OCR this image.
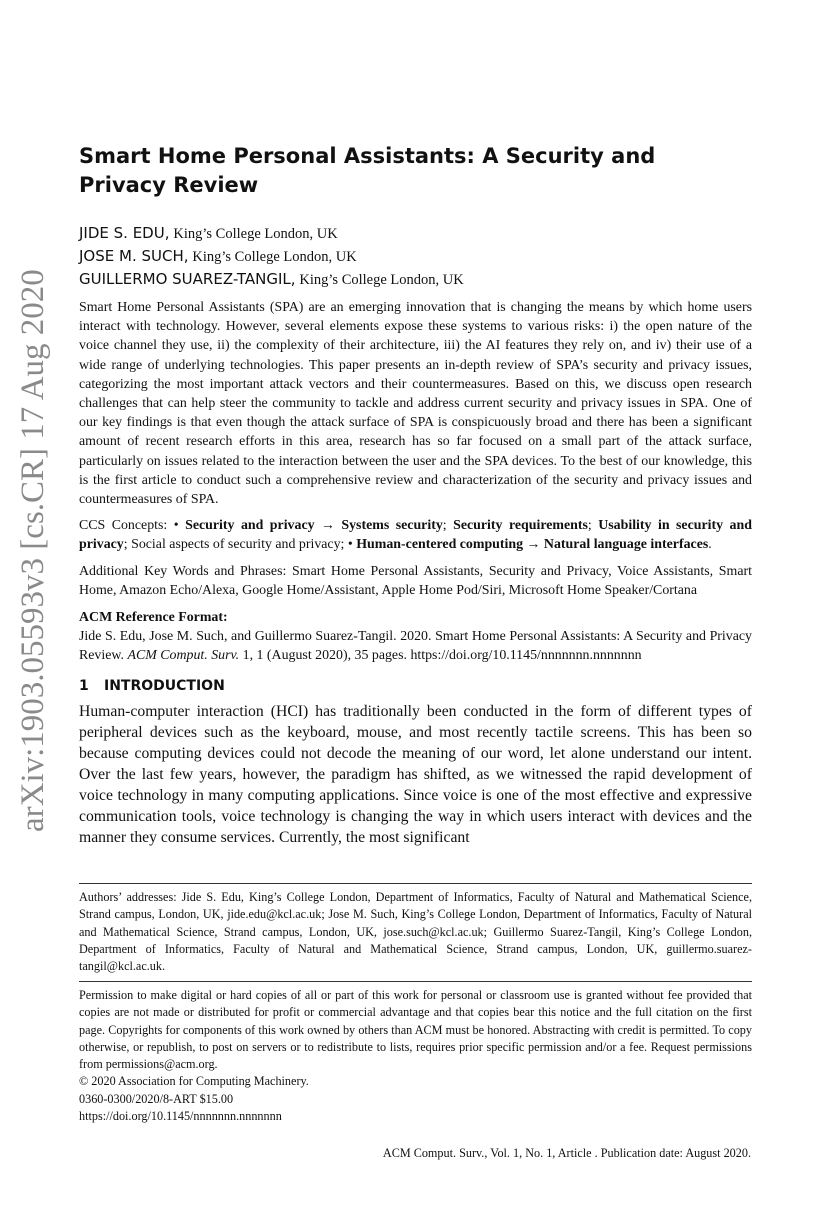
arXiv:1903.05593v3 [cs.CR] 17 Aug 2020
Smart Home Personal Assistants: A Security and Privacy Review
JIDE S. EDU, King’s College London, UK
JOSE M. SUCH, King’s College London, UK
GUILLERMO SUAREZ-TANGIL, King’s College London, UK

Smart Home Personal Assistants (SPA) are an emerging innovation that is changing the means by which home users interact with technology. However, several elements expose these systems to various risks: i) the open nature of the voice channel they use, ii) the complexity of their architecture, iii) the AI features they rely on, and iv) their use of a wide range of underlying technologies. This paper presents an in-depth review of SPA’s security and privacy issues, categorizing the most important attack vectors and their countermeasures. Based on this, we discuss open research challenges that can help steer the community to tackle and address current security and privacy issues in SPA. One of our key findings is that even though the attack surface of SPA is conspicuously broad and there has been a significant amount of recent research efforts in this area, research has so far focused on a small part of the attack surface, particularly on issues related to the interaction between the user and the SPA devices. To the best of our knowledge, this is the first article to conduct such a comprehensive review and characterization of the security and privacy issues and countermeasures of SPA.

CCS Concepts: • Security and privacy → Systems security; Security requirements; Usability in security and privacy; Social aspects of security and privacy; • Human-centered computing → Natural language interfaces.
Additional Key Words and Phrases: Smart Home Personal Assistants, Security and Privacy, Voice Assistants, Smart Home, Amazon Echo/Alexa, Google Home/Assistant, Apple Home Pod/Siri, Microsoft Home Speaker/Cortana
ACM Reference Format:
Jide S. Edu, Jose M. Such, and Guillermo Suarez-Tangil. 2020. Smart Home Personal Assistants: A Security and Privacy Review. ACM Comput. Surv. 1, 1 (August 2020), 35 pages. https://doi.org/10.1145/nnnnnnn.nnnnnnn
1 INTRODUCTION
Human-computer interaction (HCI) has traditionally been conducted in the form of different types of peripheral devices such as the keyboard, mouse, and most recently tactile screens. This has been so because computing devices could not decode the meaning of our word, let alone understand our intent. Over the last few years, however, the paradigm has shifted, as we witnessed the rapid development of voice technology in many computing applications. Since voice is one of the most effective and expressive communication tools, voice technology is changing the way in which users interact with devices and the manner they consume services. Currently, the most significant
Authors’ addresses: Jide S. Edu, King’s College London, Department of Informatics, Faculty of Natural and Mathematical Science, Strand campus, London, UK, jide.edu@kcl.ac.uk; Jose M. Such, King’s College London, Department of Informatics, Faculty of Natural and Mathematical Science, Strand campus, London, UK, jose.such@kcl.ac.uk; Guillermo Suarez-Tangil, King’s College London, Department of Informatics, Faculty of Natural and Mathematical Science, Strand campus, London, UK, guillermo.suarez-tangil@kcl.ac.uk.
Permission to make digital or hard copies of all or part of this work for personal or classroom use is granted without fee provided that copies are not made or distributed for profit or commercial advantage and that copies bear this notice and the full citation on the first page. Copyrights for components of this work owned by others than ACM must be honored. Abstracting with credit is permitted. To copy otherwise, or republish, to post on servers or to redistribute to lists, requires prior specific permission and/or a fee. Request permissions from permissions@acm.org.
© 2020 Association for Computing Machinery.
0360-0300/2020/8-ART $15.00
https://doi.org/10.1145/nnnnnnn.nnnnnnn
ACM Comput. Surv., Vol. 1, No. 1, Article . Publication date: August 2020.
